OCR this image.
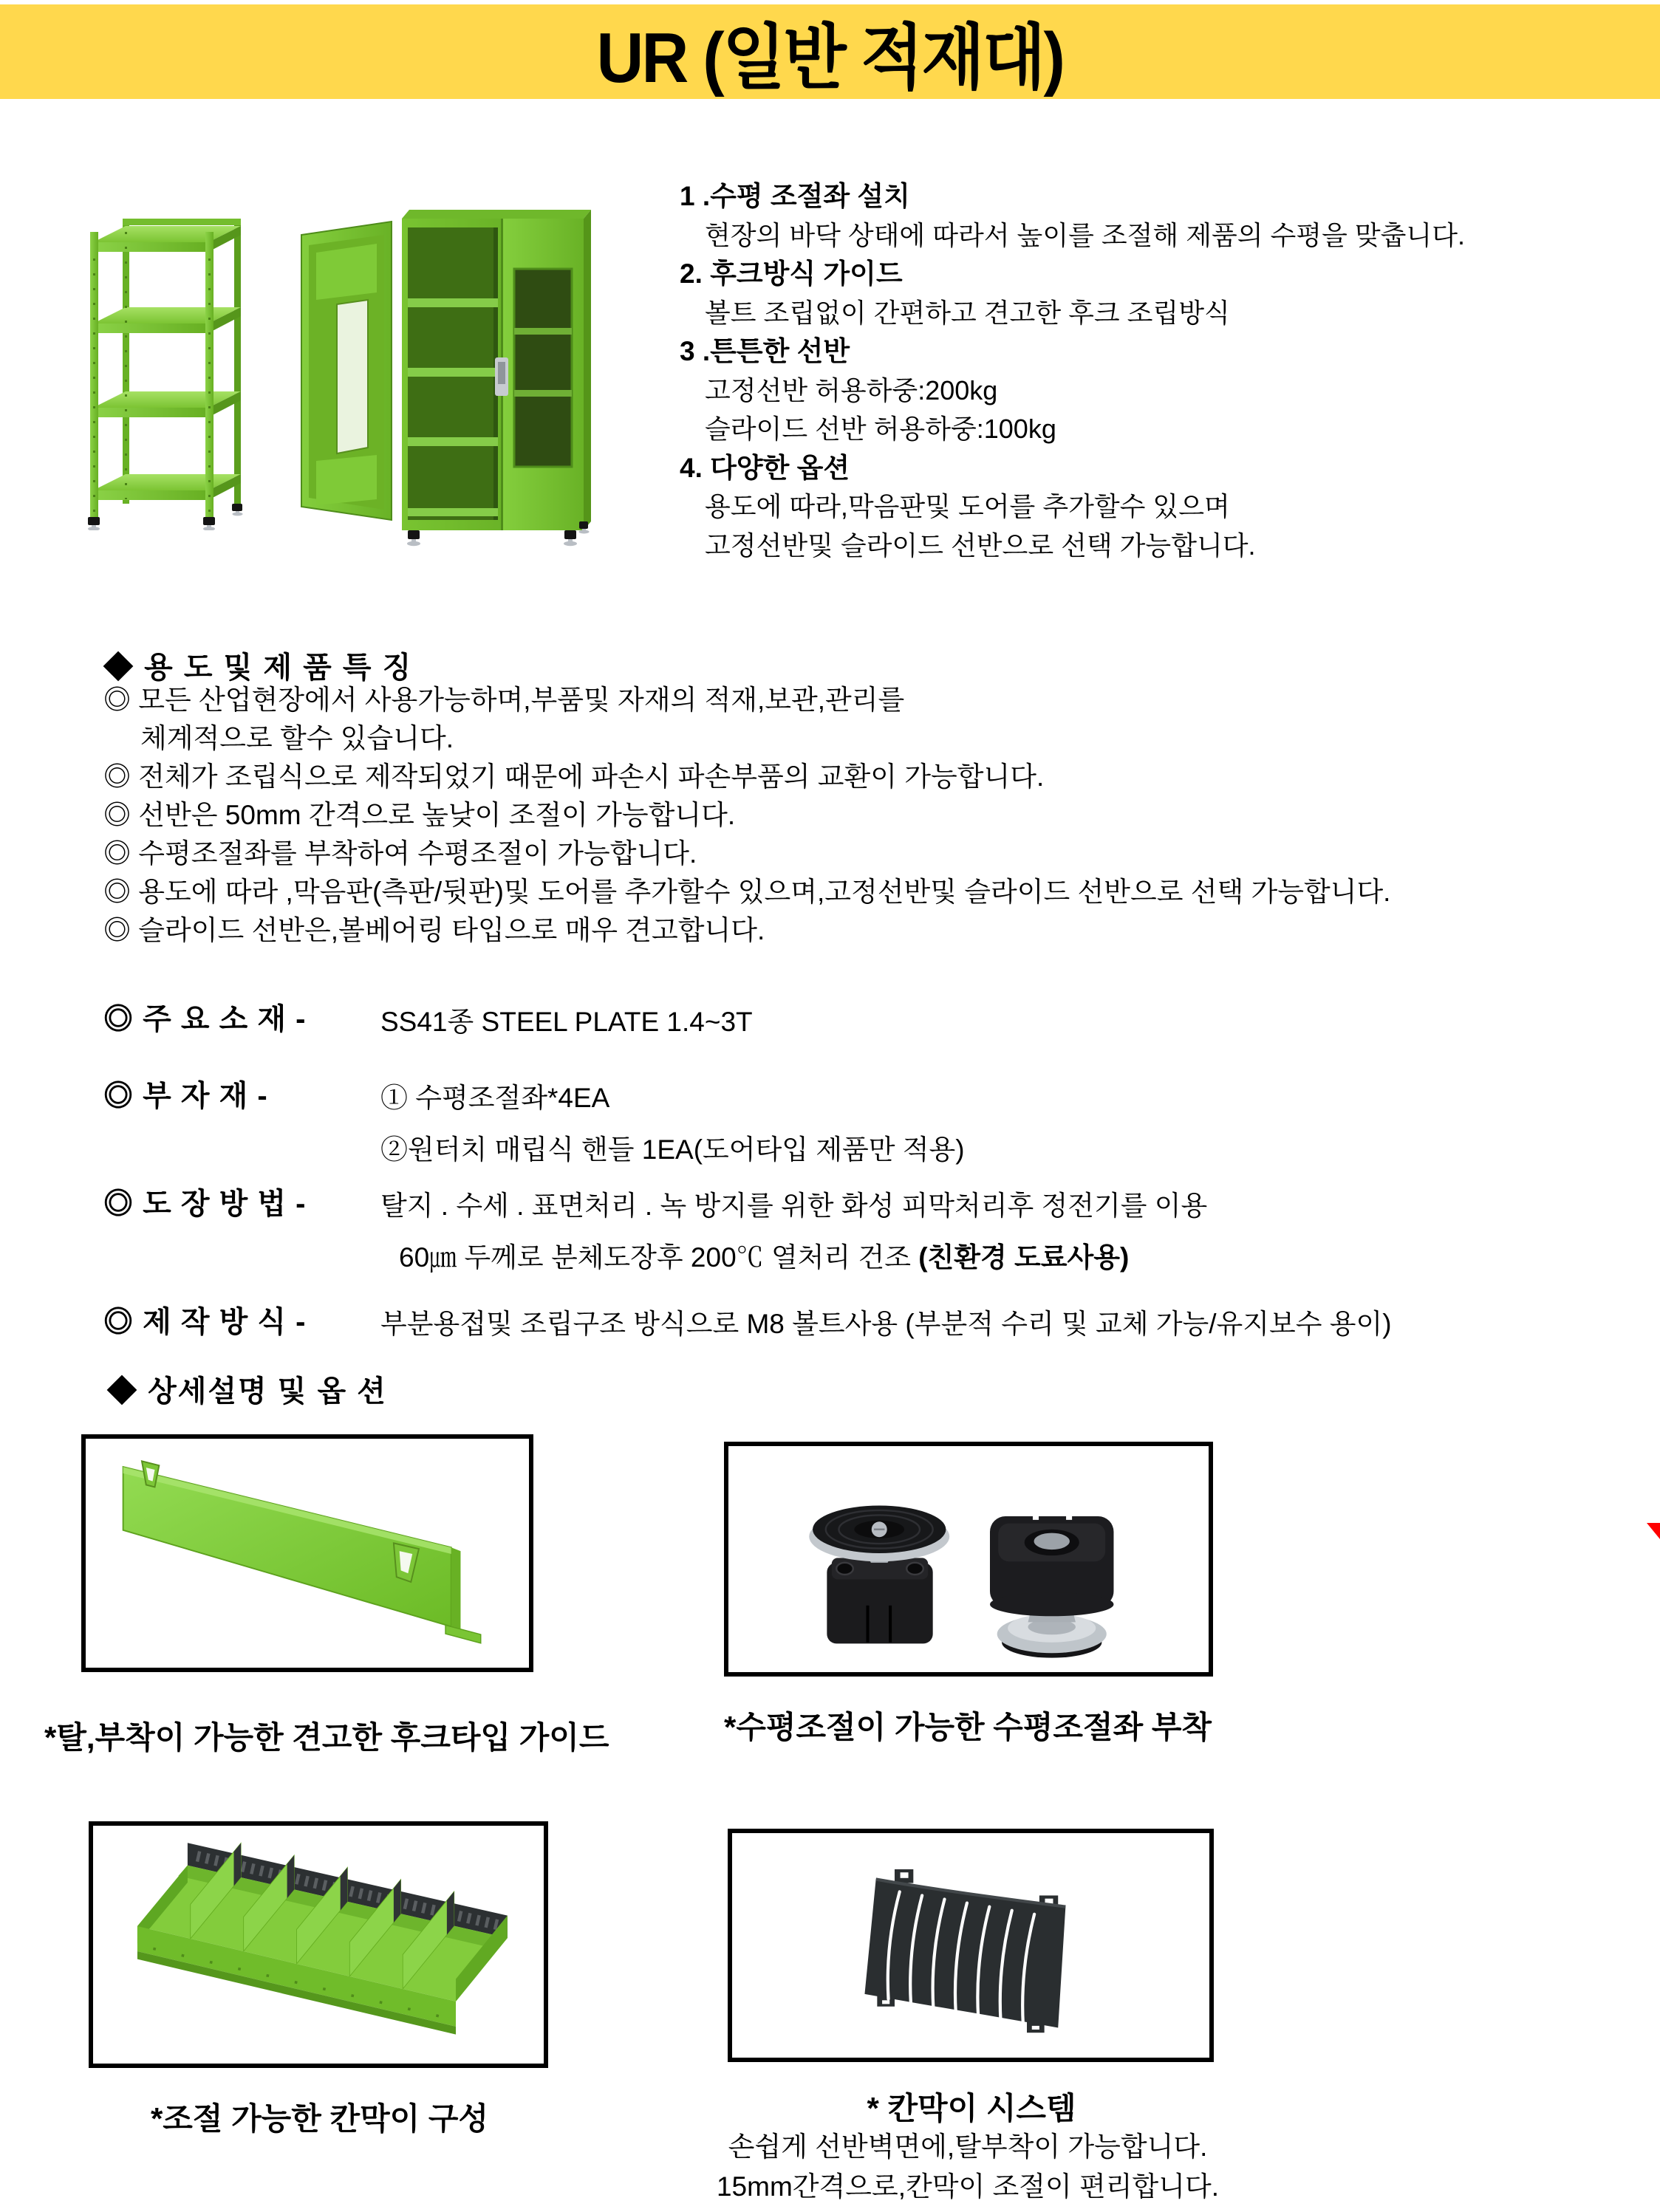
UR (일반 적재대)
1 .수평 조절좌 설치
현장의 바닥 상태에 따라서 높이를 조절해 제품의 수평을 맞춥니다.
2. 후크방식 가이드
볼트 조립없이 간편하고 견고한 후크 조립방식
3 .튼튼한 선반
고정선반 허용하중:200kg
슬라이드 선반 허용하중:100kg
4. 다양한 옵션
용도에 따라,막음판및 도어를 추가할수 있으며
고정선반및 슬라이드 선반으로 선택 가능합니다.
◆ 용 도 및 제 품 특 징
◎ 모든 산업현장에서 사용가능하며,부품및 자재의 적재,보관,관리를
체계적으로 할수 있습니다.
◎ 전체가 조립식으로 제작되었기 때문에 파손시 파손부품의 교환이 가능합니다.
◎ 선반은 50mm 간격으로 높낮이 조절이 가능합니다.
◎ 수평조절좌를 부착하여 수평조절이 가능합니다.
◎ 용도에 따라 ,막음판(측판/뒷판)및 도어를 추가할수 있으며,고정선반및 슬라이드 선반으로 선택 가능합니다.
◎ 슬라이드 선반은,볼베어링 타입으로 매우 견고합니다.
◎ 주 요 소 재 -	SS41종 STEEL PLATE 1.4~3T
◎ 부 자 재 -	① 수평조절좌*4EA
②원터치 매립식 핸들 1EA(도어타입 제품만 적용)
◎ 도 장 방 법 -	탈지 . 수세 . 표면처리 . 녹 방지를 위한 화성 피막처리후 정전기를 이용
60㎛ 두께로 분체도장후 200℃ 열처리 건조 (친환경 도료사용)
◎ 제 작 방 식 -	부분용접및 조립구조 방식으로 M8 볼트사용 (부분적 수리 및 교체 가능/유지보수 용이)
◆ 상세설명 및 옵 션
*탈,부착이 가능한 견고한 후크타입 가이드	*수평조절이 가능한 수평조절좌 부착
*조절 가능한 칸막이 구성	* 칸막이 시스템
손쉽게 선반벽면에,탈부착이 가능합니다.
15mm간격으로,칸막이 조절이 편리합니다.
